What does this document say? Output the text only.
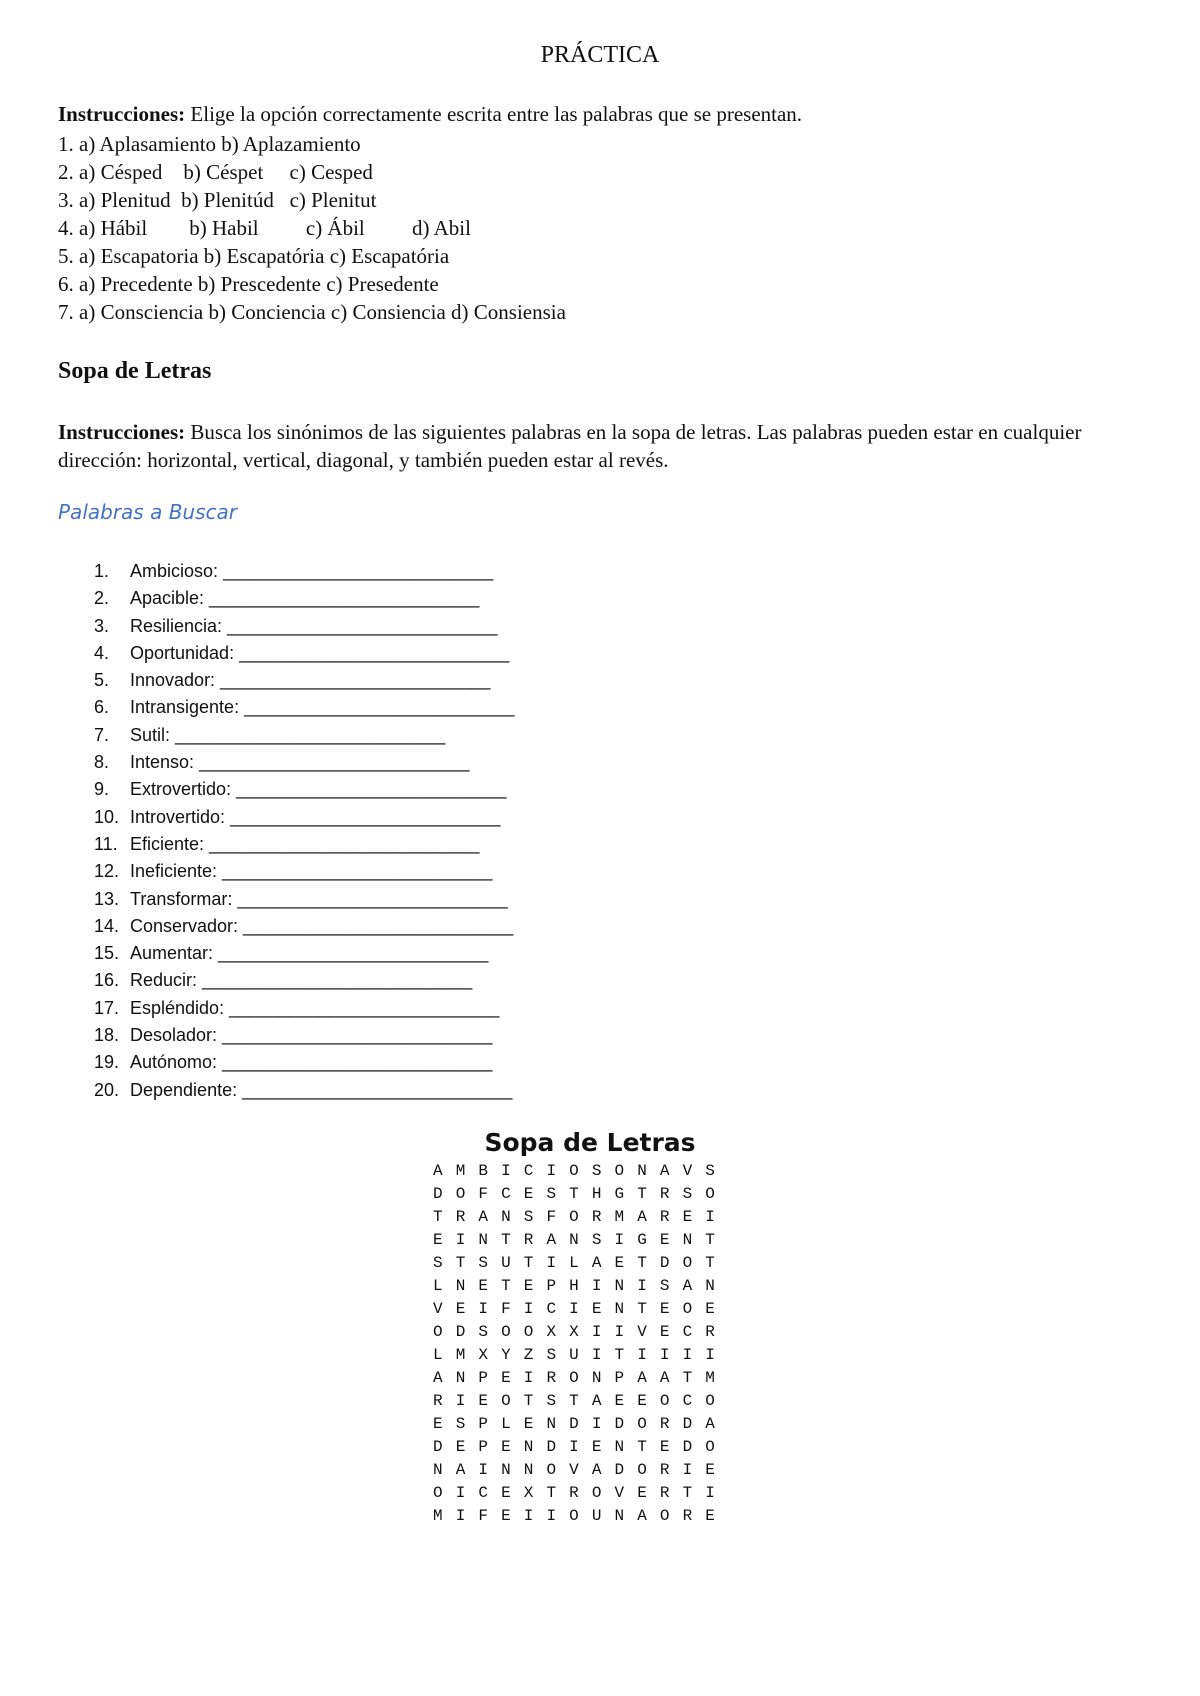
PRÁCTICA
Instrucciones: Elige la opción correctamente escrita entre las palabras que se presentan.
1. a) Aplasamiento b) Aplazamiento
2. a) Césped    b) Céspet     c) Cesped
3. a) Plenitud  b) Plenitúd   c) Plenitut
4. a) Hábil        b) Habil         c) Ábil         d) Abil
5. a) Escapatoria b) Escapatória c) Escapatória
6. a) Precedente b) Prescedente c) Presedente
7. a) Consciencia b) Conciencia c) Consiencia d) Consiensia
Sopa de Letras
Instrucciones: Busca los sinónimos de las siguientes palabras en la sopa de letras. Las palabras pueden estar en cualquier dirección: horizontal, vertical, diagonal, y también pueden estar al revés.
Palabras a Buscar
1. Ambicioso: ___________________________
2. Apacible: ___________________________
3. Resiliencia: ___________________________
4. Oportunidad: ___________________________
5. Innovador: ___________________________
6. Intransigente: ___________________________
7. Sutil: ___________________________
8. Intenso: ___________________________
9. Extrovertido: ___________________________
10. Introvertido: ___________________________
11. Eficiente: ___________________________
12. Ineficiente: ___________________________
13. Transformar: ___________________________
14. Conservador: ___________________________
15. Aumentar: ___________________________
16. Reducir: ___________________________
17. Espléndido: ___________________________
18. Desolador: ___________________________
19. Autónomo: ___________________________
20. Dependiente: ___________________________
Sopa de Letras
A M B I C I O S O N A V S
D O F C E S T H G T R S O
T R A N S F O R M A R E I
E I N T R A N S I G E N T
S T S U T I L A E T D O T
L N E T E P H I N I S A N
V E I F I C I E N T E O E
O D S O O X X I I V E C R
L M X Y Z S U I T I I I I
A N P E I R O N P A A T M
R I E O T S T A E E O C O
E S P L E N D I D O R D A
D E P E N D I E N T E D O
N A I N N O V A D O R I E
O I C E X T R O V E R T I
M I F E I I O U N A O R E
